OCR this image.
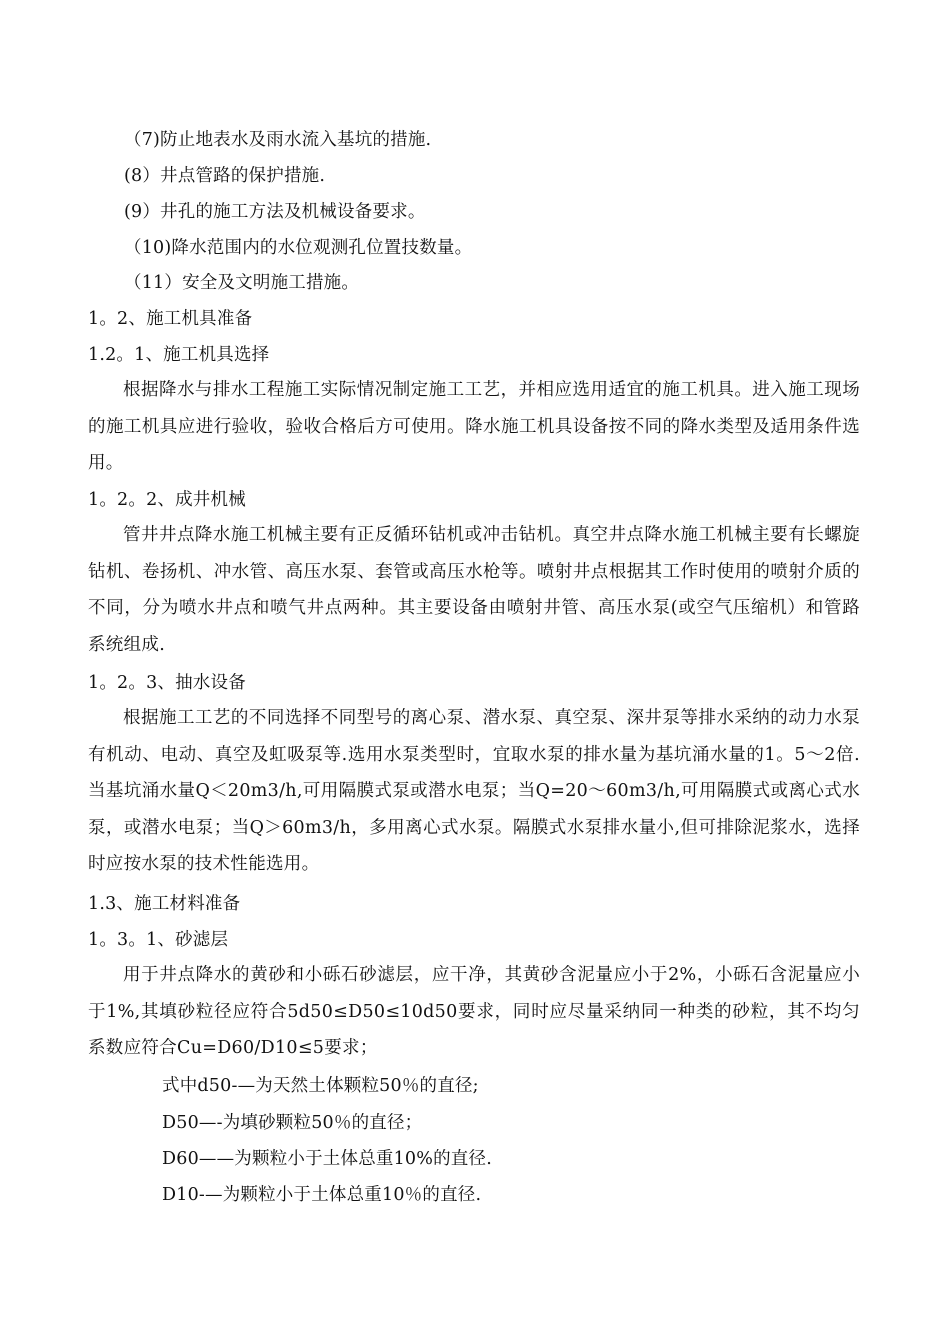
（7)防止地表水及雨水流入基坑的措施.
(8）井点管路的保护措施.
(9）井孔的施工方法及机械设备要求。
（10)降水范围内的水位观测孔位置技数量。
（11）安全及文明施工措施。
1。2、施工机具准备
1.2。1、施工机具选择
根据降水与排水工程施工实际情况制定施工工艺，并相应选用适宜的施工机具。进入施工现场的施工机具应进行验收，验收合格后方可使用。降水施工机具设备按不同的降水类型及适用条件选用。
1。2。2、成井机械
管井井点降水施工机械主要有正反循环钻机或冲击钻机。真空井点降水施工机械主要有长螺旋钻机、卷扬机、冲水管、高压水泵、套管或高压水枪等。喷射井点根据其工作时使用的喷射介质的不同，分为喷水井点和喷气井点两种。其主要设备由喷射井管、高压水泵(或空气压缩机）和管路系统组成.
1。2。3、抽水设备
根据施工工艺的不同选择不同型号的离心泵、潜水泵、真空泵、深井泵等排水采纳的动力水泵有机动、电动、真空及虹吸泵等.选用水泵类型时，宜取水泵的排水量为基坑涌水量的1。5～2倍.当基坑涌水量Q＜20m3/h,可用隔膜式泵或潜水电泵；当Q=20～60m3/h,可用隔膜式或离心式水泵，或潜水电泵；当Q＞60m3/h，多用离心式水泵。隔膜式水泵排水量小,但可排除泥浆水，选择时应按水泵的技术性能选用。
1.3、施工材料准备
1。3。1、砂滤层
用于井点降水的黄砂和小砾石砂滤层，应干净，其黄砂含泥量应小于2%，小砾石含泥量应小于1%,其填砂粒径应符合5d50≤D50≤10d50要求，同时应尽量采纳同一种类的砂粒，其不均匀系数应符合Cu=D60/D10≤5要求；
式中d50-—为天然土体颗粒50％的直径;
D50—-为填砂颗粒50％的直径；
D60——为颗粒小于土体总重10%的直径.
D10-—为颗粒小于土体总重10％的直径.
